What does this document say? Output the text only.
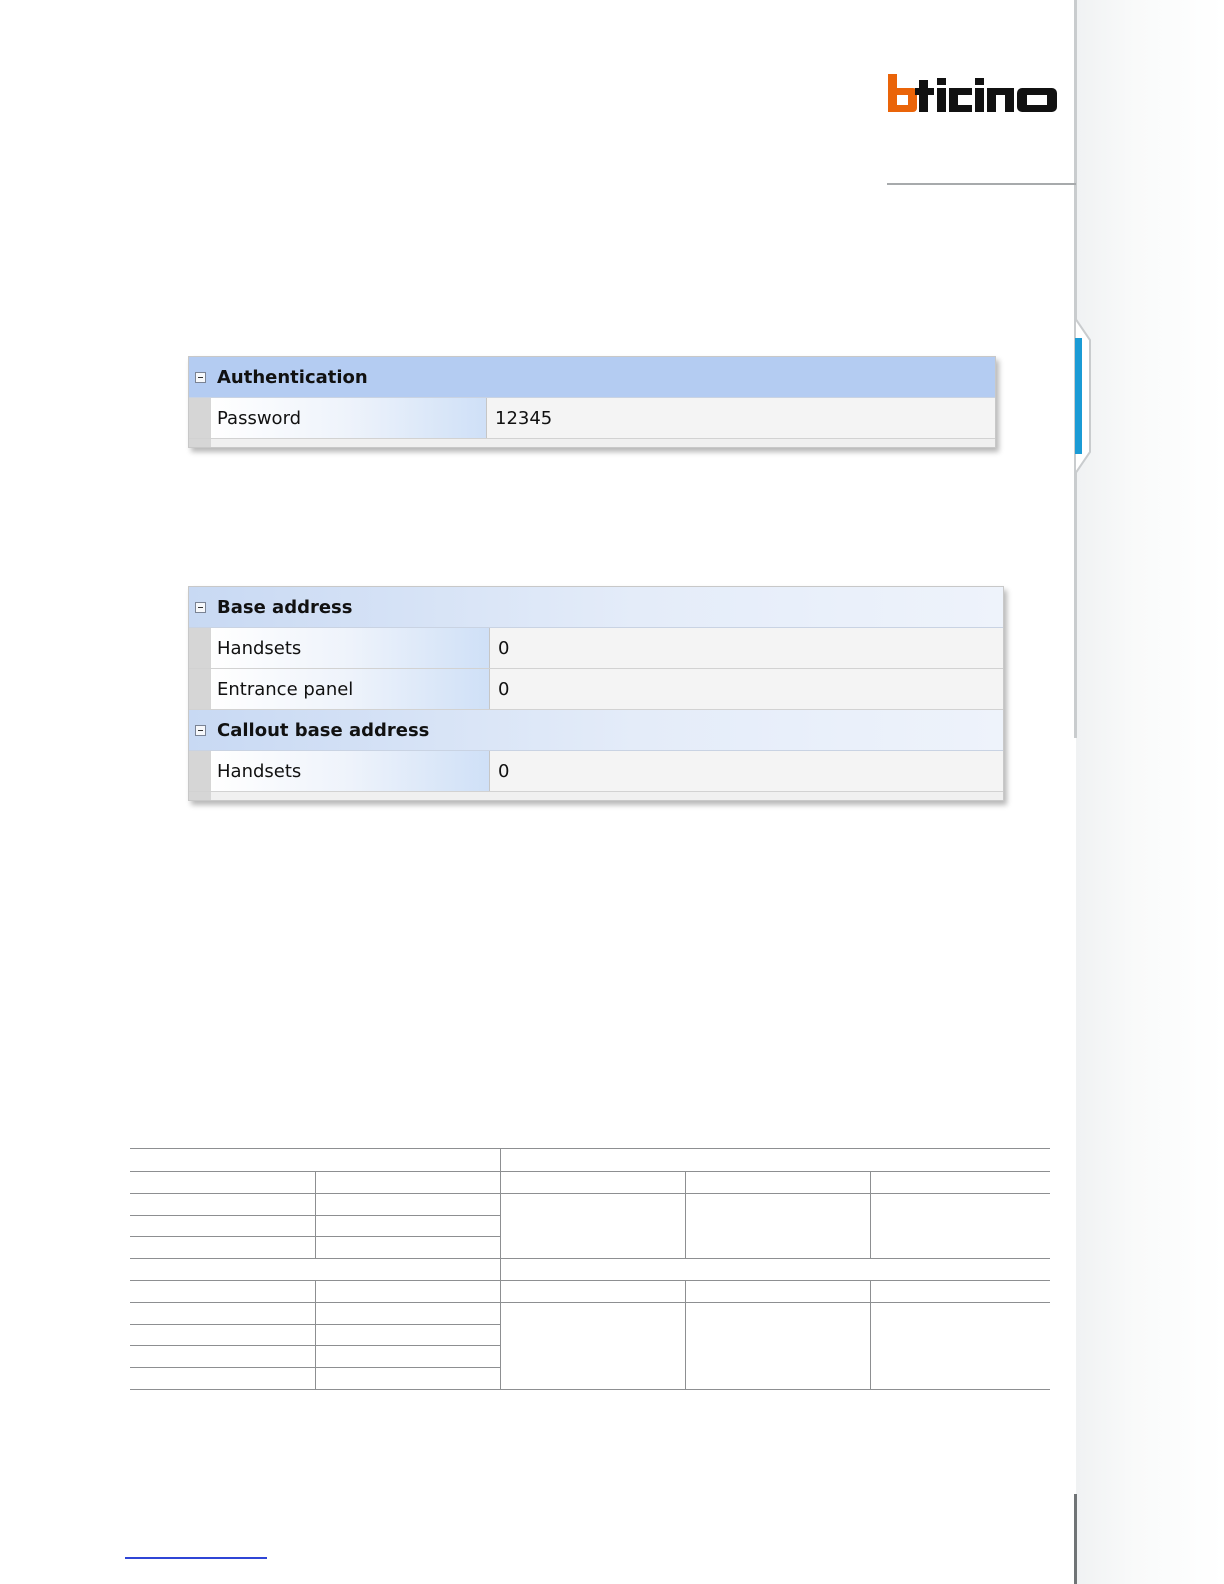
bticino
Authentication
Password	12345
Base address
Handsets	0
Entrance panel	0
Callout base address
Handsets	0
